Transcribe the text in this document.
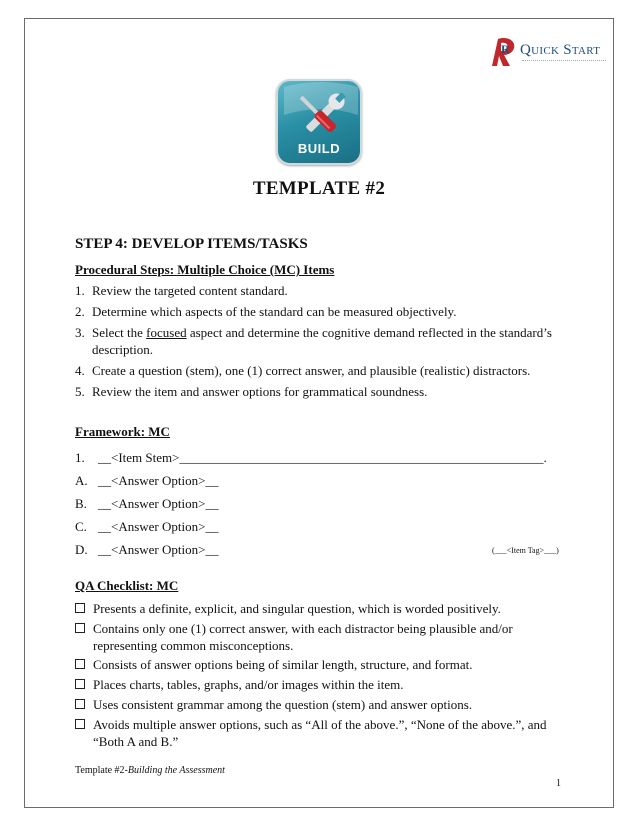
R Quick Start
BUILD
TEMPLATE #2
STEP 4: DEVELOP ITEMS/TASKS
Procedural Steps: Multiple Choice (MC) Items
1. Review the targeted content standard.
2. Determine which aspects of the standard can be measured objectively.
3. Select the focused aspect and determine the cognitive demand reflected in the standard’s description.
4. Create a question (stem), one (1) correct answer, and plausible (realistic) distractors.
5. Review the item and answer options for grammatical soundness.
Framework: MC
1. __<Item Stem>________________________________________________________.
A. __<Answer Option>__
B. __<Answer Option>__
C. __<Answer Option>__
D. __<Answer Option>__	(___<Item Tag>___)
QA Checklist: MC
Presents a definite, explicit, and singular question, which is worded positively.
Contains only one (1) correct answer, with each distractor being plausible and/or representing common misconceptions.
Consists of answer options being of similar length, structure, and format.
Places charts, tables, graphs, and/or images within the item.
Uses consistent grammar among the question (stem) and answer options.
Avoids multiple answer options, such as “All of the above.”, “None of the above.”, and “Both A and B.”
Template #2-Building the Assessment
1
